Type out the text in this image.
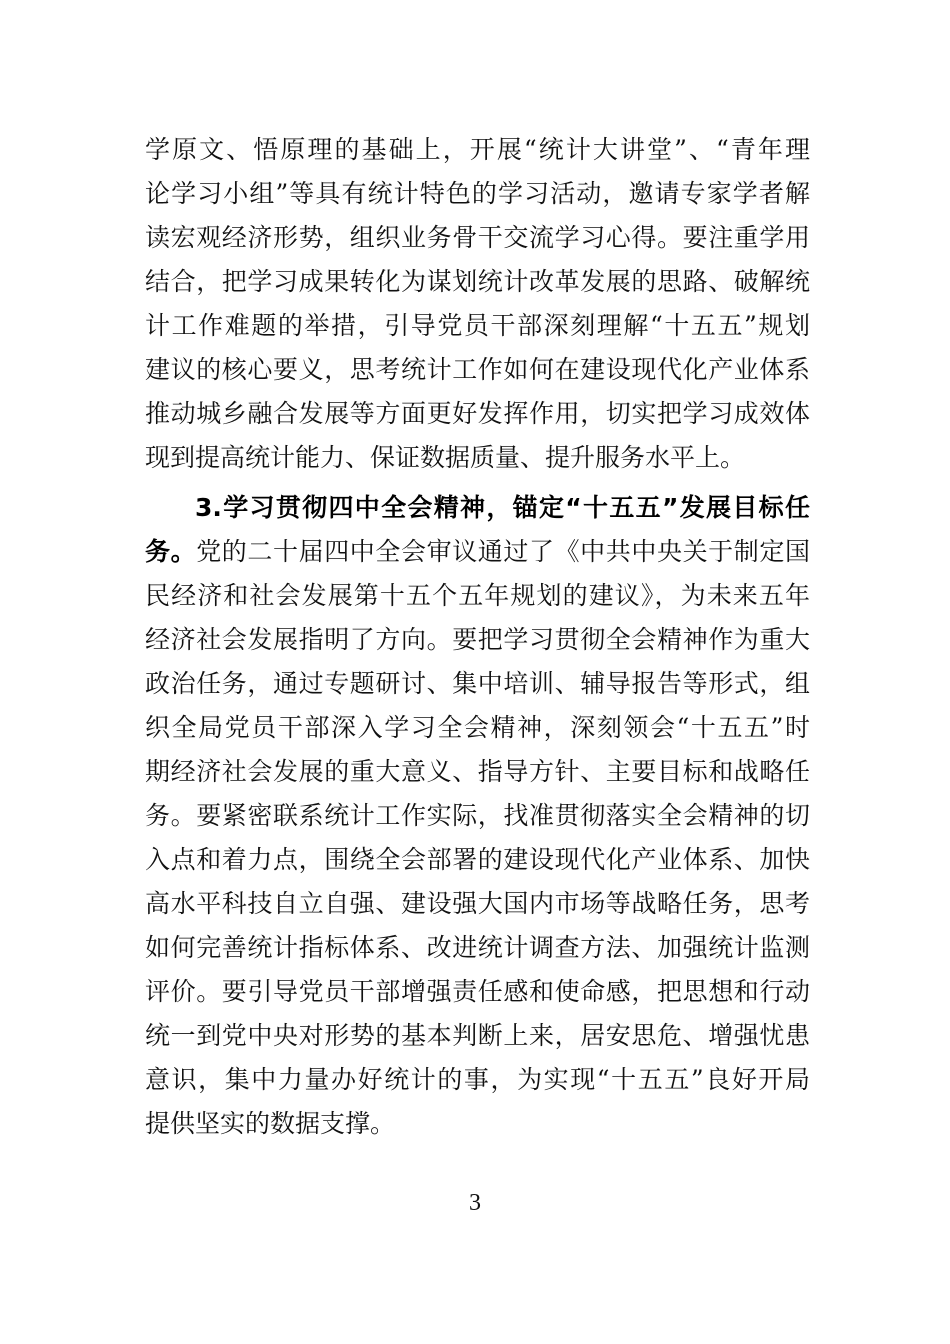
学原文、悟原理的基础上，开展“统计大讲堂”、“青年理
论学习小组”等具有统计特色的学习活动，邀请专家学者解
读宏观经济形势，组织业务骨干交流学习心得。要注重学用
结合，把学习成果转化为谋划统计改革发展的思路、破解统
计工作难题的举措，引导党员干部深刻理解“十五五”规划
建议的核心要义，思考统计工作如何在建设现代化产业体系
推动城乡融合发展等方面更好发挥作用，切实把学习成效体
现到提高统计能力、保证数据质量、提升服务水平上。
3.学习贯彻四中全会精神，锚定“十五五”发展目标任
务。党的二十届四中全会审议通过了《中共中央关于制定国
民经济和社会发展第十五个五年规划的建议》，为未来五年
经济社会发展指明了方向。要把学习贯彻全会精神作为重大
政治任务，通过专题研讨、集中培训、辅导报告等形式，组
织全局党员干部深入学习全会精神，深刻领会“十五五”时
期经济社会发展的重大意义、指导方针、主要目标和战略任
务。要紧密联系统计工作实际，找准贯彻落实全会精神的切
入点和着力点，围绕全会部署的建设现代化产业体系、加快
高水平科技自立自强、建设强大国内市场等战略任务，思考
如何完善统计指标体系、改进统计调查方法、加强统计监测
评价。要引导党员干部增强责任感和使命感，把思想和行动
统一到党中央对形势的基本判断上来，居安思危、增强忧患
意识，集中力量办好统计的事，为实现“十五五”良好开局
提供坚实的数据支撑。
3
